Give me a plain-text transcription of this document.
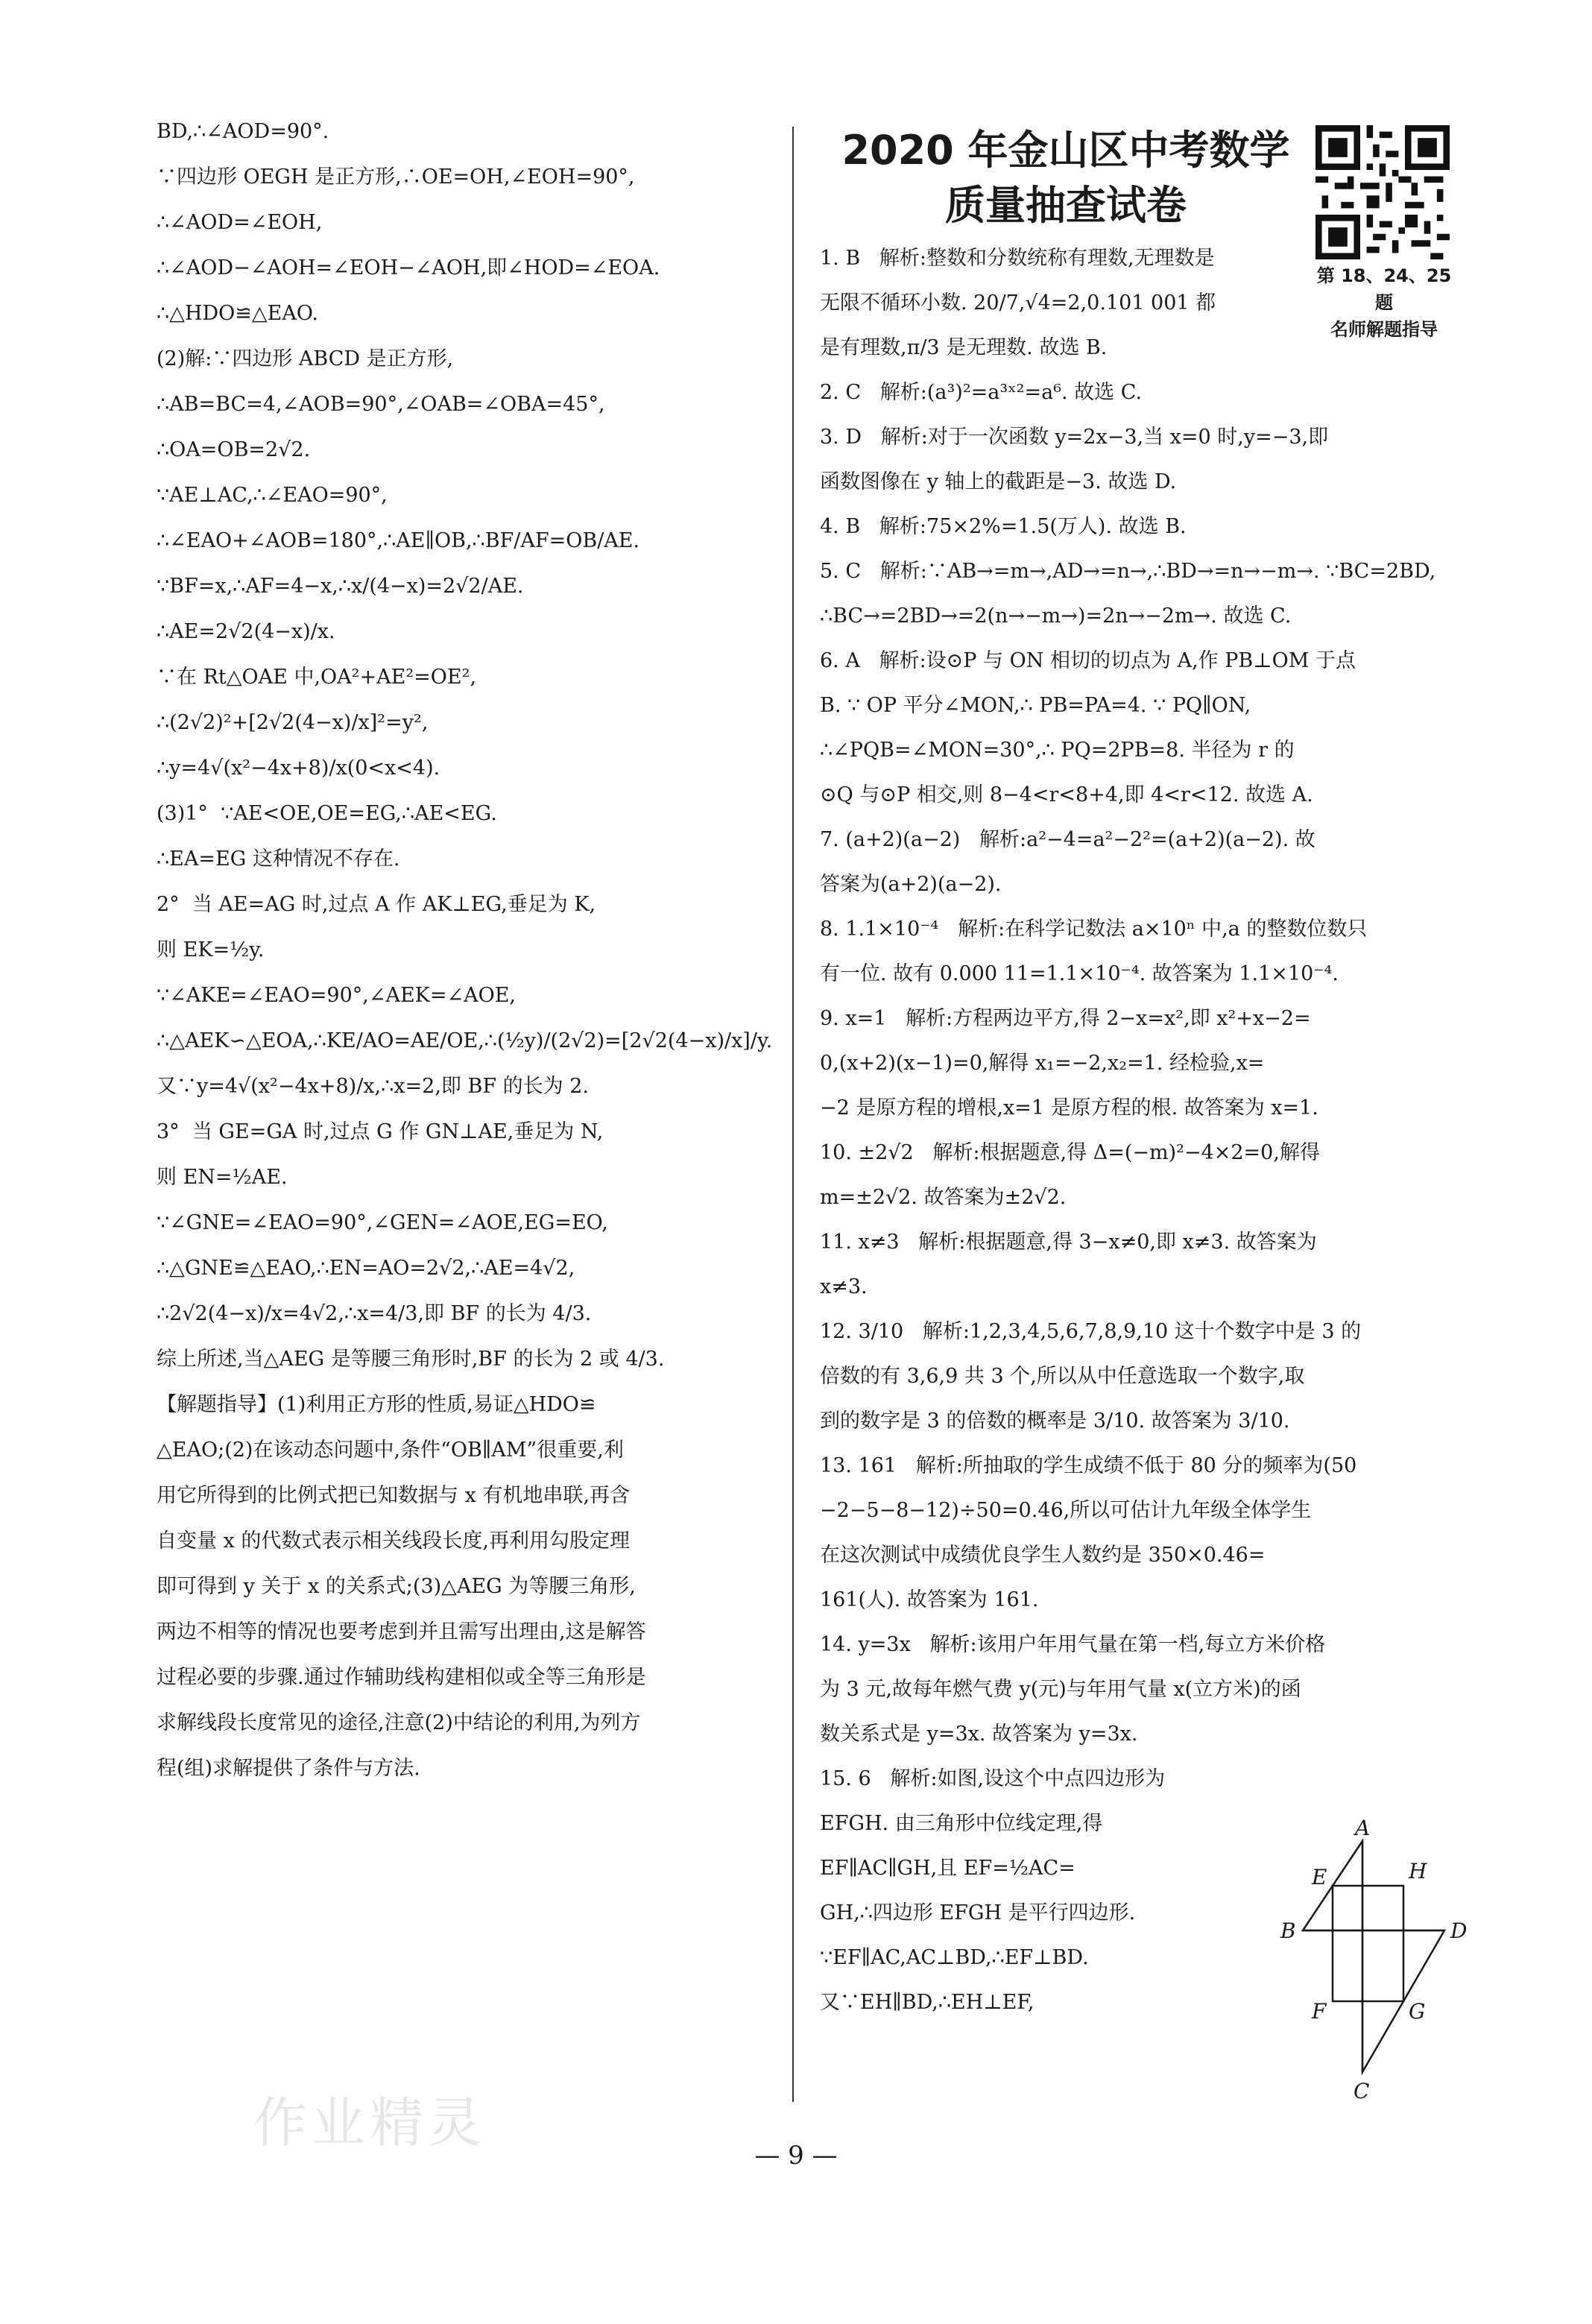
BD,∴∠AOD=90°.
∵四边形 OEGH 是正方形,∴OE=OH,∠EOH=90°,
∴∠AOD=∠EOH,
∴∠AOD−∠AOH=∠EOH−∠AOH,即∠HOD=∠EOA.
∴△HDO≌△EAO.
(2)解:∵四边形 ABCD 是正方形,
∴AB=BC=4,∠AOB=90°,∠OAB=∠OBA=45°,
∴OA=OB=2√2.
∵AE⊥AC,∴∠EAO=90°,
∴∠EAO+∠AOB=180°,∴AE∥OB,∴BF/AF=OB/AE.
∵BF=x,∴AF=4−x,∴x/(4−x)=2√2/AE.
∴AE=2√2(4−x)/x.
∵在 Rt△OAE 中,OA²+AE²=OE²,
∴(2√2)²+[2√2(4−x)/x]²=y²,
∴y=4√(x²−4x+8)/x(0<x<4).
(3)1°  ∵AE<OE,OE=EG,∴AE<EG.
∴EA=EG 这种情况不存在.
2°  当 AE=AG 时,过点 A 作 AK⊥EG,垂足为 K,
则 EK=½y.
∵∠AKE=∠EAO=90°,∠AEK=∠AOE,
∴△AEK∽△EOA,∴KE/AO=AE/OE,∴(½y)/(2√2)=[2√2(4−x)/x]/y.
又∵y=4√(x²−4x+8)/x,∴x=2,即 BF 的长为 2.
3°  当 GE=GA 时,过点 G 作 GN⊥AE,垂足为 N,
则 EN=½AE.
∵∠GNE=∠EAO=90°,∠GEN=∠AOE,EG=EO,
∴△GNE≌△EAO,∴EN=AO=2√2,∴AE=4√2,
∴2√2(4−x)/x=4√2,∴x=4/3,即 BF 的长为 4/3.
综上所述,当△AEG 是等腰三角形时,BF 的长为 2 或 4/3.
【解题指导】(1)利用正方形的性质,易证△HDO≌
△EAO;(2)在该动态问题中,条件“OB∥AM”很重要,利
用它所得到的比例式把已知数据与 x 有机地串联,再含
自变量 x 的代数式表示相关线段长度,再利用勾股定理
即可得到 y 关于 x 的关系式;(3)△AEG 为等腰三角形,
两边不相等的情况也要考虑到并且需写出理由,这是解答
过程必要的步骤.通过作辅助线构建相似或全等三角形是
求解线段长度常见的途径,注意(2)中结论的利用,为列方
程(组)求解提供了条件与方法.
2020 年金山区中考数学
质量抽查试卷
第 18、24、25 题
名师解题指导
1. B   解析:整数和分数统称有理数,无理数是
无限不循环小数. 20/7,√4=2,0.101 001 都
是有理数,π/3 是无理数. 故选 B.
2. C   解析:(a³)²=a³ˣ²=a⁶. 故选 C.
3. D   解析:对于一次函数 y=2x−3,当 x=0 时,y=−3,即
函数图像在 y 轴上的截距是−3. 故选 D.
4. B   解析:75×2%=1.5(万人). 故选 B.
5. C   解析:∵AB→=m→,AD→=n→,∴BD→=n→−m→. ∵BC=2BD,
∴BC→=2BD→=2(n→−m→)=2n→−2m→. 故选 C.
6. A   解析:设⊙P 与 ON 相切的切点为 A,作 PB⊥OM 于点
B. ∵ OP 平分∠MON,∴ PB=PA=4. ∵ PQ∥ON,
∴∠PQB=∠MON=30°,∴ PQ=2PB=8. 半径为 r 的
⊙Q 与⊙P 相交,则 8−4<r<8+4,即 4<r<12. 故选 A.
7. (a+2)(a−2)   解析:a²−4=a²−2²=(a+2)(a−2). 故
答案为(a+2)(a−2).
8. 1.1×10⁻⁴   解析:在科学记数法 a×10ⁿ 中,a 的整数位数只
有一位. 故有 0.000 11=1.1×10⁻⁴. 故答案为 1.1×10⁻⁴.
9. x=1   解析:方程两边平方,得 2−x=x²,即 x²+x−2=
0,(x+2)(x−1)=0,解得 x₁=−2,x₂=1. 经检验,x=
−2 是原方程的增根,x=1 是原方程的根. 故答案为 x=1.
10. ±2√2   解析:根据题意,得 Δ=(−m)²−4×2=0,解得
m=±2√2. 故答案为±2√2.
11. x≠3   解析:根据题意,得 3−x≠0,即 x≠3. 故答案为
x≠3.
12. 3/10   解析:1,2,3,4,5,6,7,8,9,10 这十个数字中是 3 的
倍数的有 3,6,9 共 3 个,所以从中任意选取一个数字,取
到的数字是 3 的倍数的概率是 3/10. 故答案为 3/10.
13. 161   解析:所抽取的学生成绩不低于 80 分的频率为(50
−2−5−8−12)÷50=0.46,所以可估计九年级全体学生
在这次测试中成绩优良学生人数约是 350×0.46=
161(人). 故答案为 161.
14. y=3x   解析:该用户年用气量在第一档,每立方米价格
为 3 元,故每年燃气费 y(元)与年用气量 x(立方米)的函
数关系式是 y=3x. 故答案为 y=3x.
15. 6   解析:如图,设这个中点四边形为
EFGH. 由三角形中位线定理,得
EF∥AC∥GH,且 EF=½AC=
GH,∴四边形 EFGH 是平行四边形.
∵EF∥AC,AC⊥BD,∴EF⊥BD.
又∵EH∥BD,∴EH⊥EF,
A
B
C
D
E
F	G
H
作业精灵
— 9 —
